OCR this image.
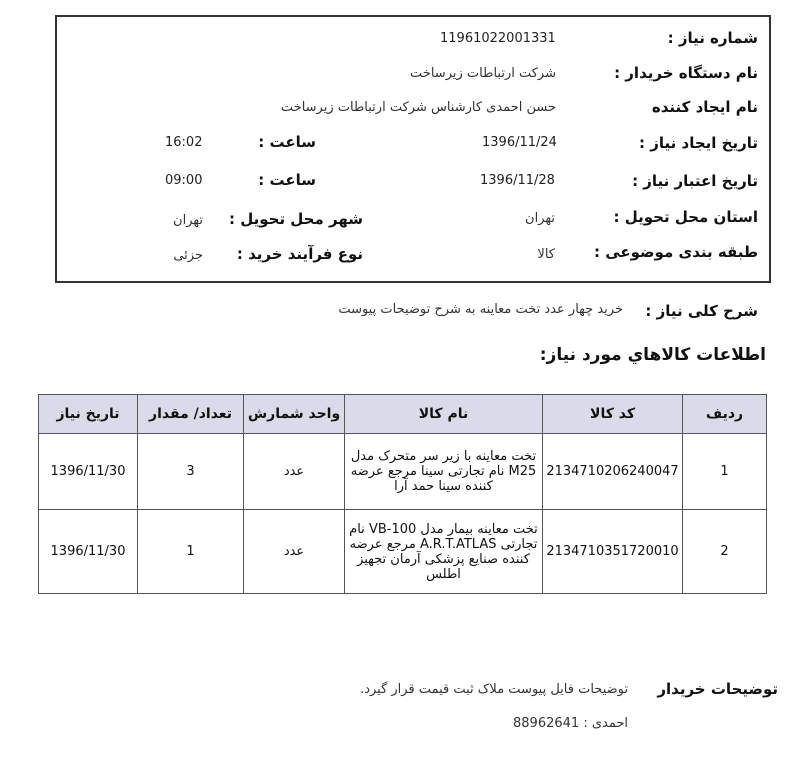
شماره نیاز :
11961022001331
نام دستگاه خریدار :
شرکت ارتباطات زیرساخت
نام ایجاد کننده
حسن احمدی کارشناس شرکت ارتباطات زیرساخت
تاریخ ایجاد نیاز :
1396/11/24
ساعت :
16:02
تاریخ اعتبار نیاز :
1396/11/28
ساعت :
09:00
استان محل تحویل :
تهران
شهر محل تحویل :
تهران
طبقه بندی موضوعی :
کالا
نوع فرآیند خرید :
جزئی
شرح کلی نیاز :
خرید چهار عدد تخت معاینه به شرح توضیحات پیوست
اطلاعات كالاهاي مورد نیاز:
تاریخ نیاز	تعداد/ مقدار	واحد شمارش	نام کالا	کد کالا	ردیف
1396/11/30	3	عدد	تخت معاینه با زیر سر متحرک مدل M25 نام تجارتی سینا مرجع عرضه کننده سینا حمد آرا	2134710206240047	1
1396/11/30	1	عدد	تخت معاینه بیمار مدل VB-100 نام تجارتی A.R.T.ATLAS مرجع عرضه کننده صنایع پزشکی آرمان تجهیز اطلس	2134710351720010	2
توضیحات خریدار
توضیحات فایل پیوست ملاک ثبت قیمت قرار گیرد.
احمدی : 88962641
